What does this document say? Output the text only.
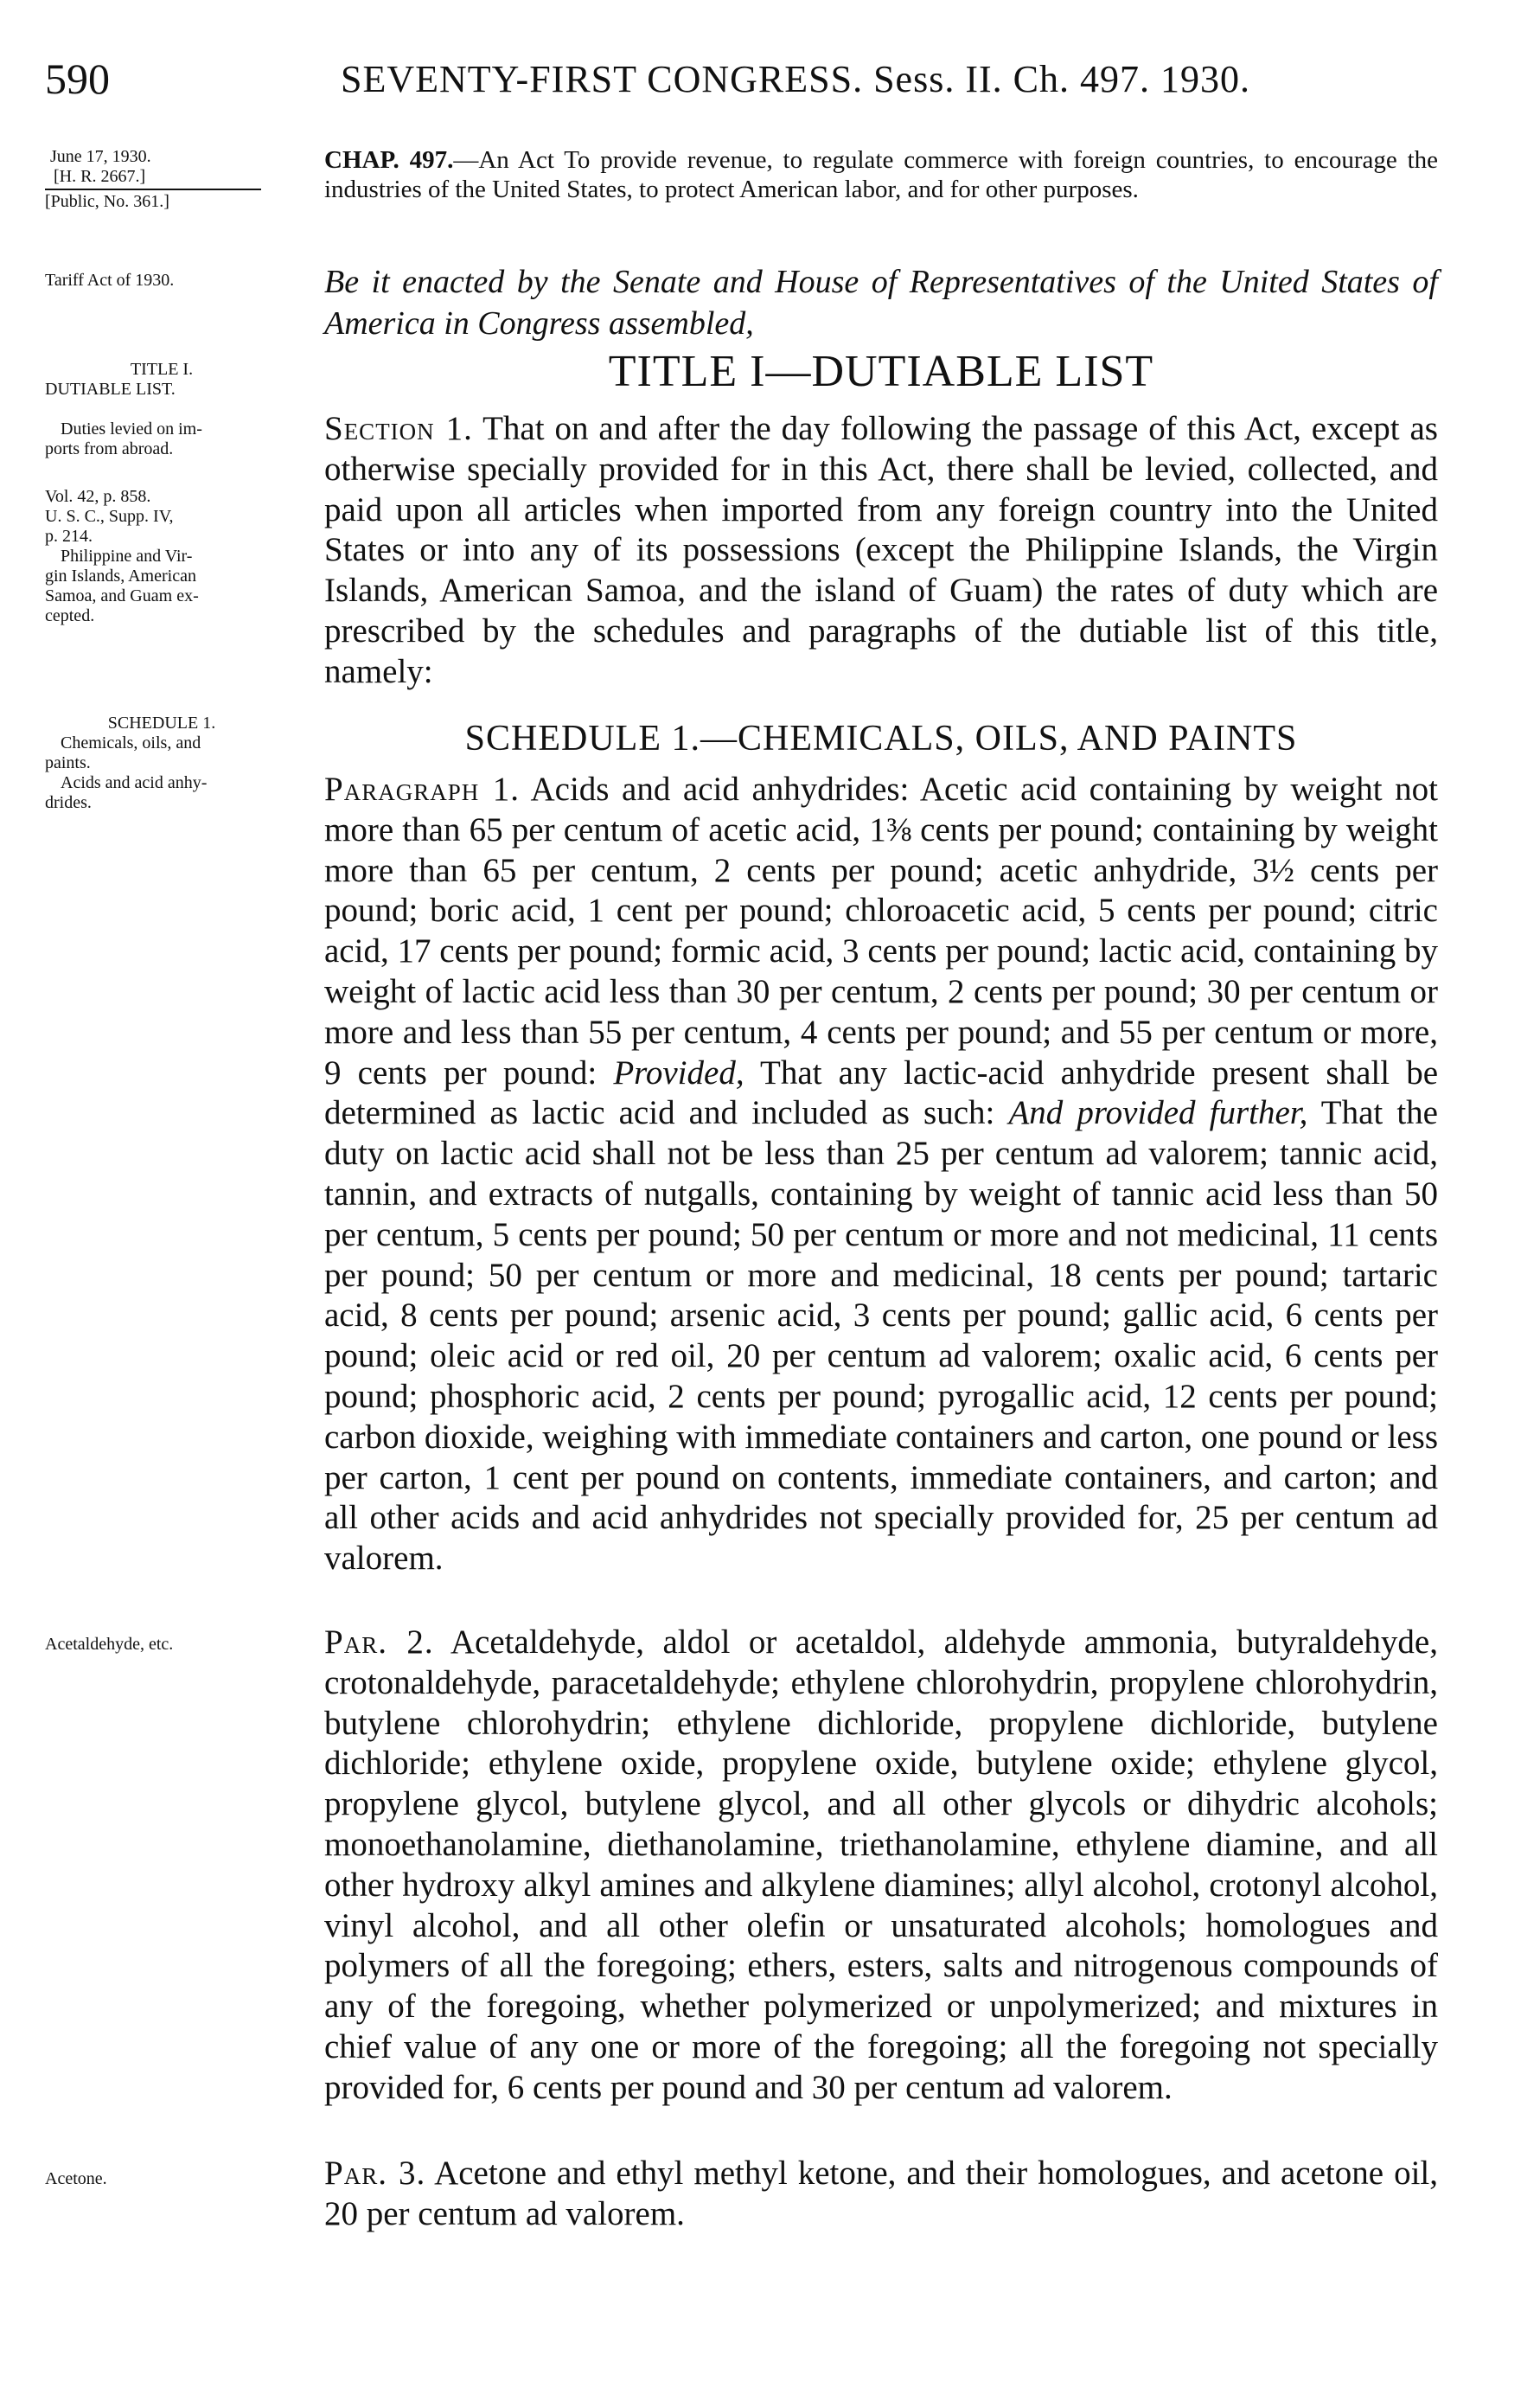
590	SEVENTY-FIRST CONGRESS. Sess. II. Ch. 497. 1930.
June 17, 1930.
[H. R. 2667.]
[Public, No. 361.]
Tariff Act of 1930.
TITLE I.
DUTIABLE LIST.
Duties levied on im-
ports from abroad.
Vol. 42, p. 858.
U. S. C., Supp. IV,
p. 214.
Philippine and Vir-
gin Islands, American
Samoa, and Guam ex-
cepted.
SCHEDULE 1.
Chemicals, oils, and
paints.
Acids and acid anhy-
drides.
Acetaldehyde, etc.
Acetone.

CHAP. 497.—An Act To provide revenue, to regulate commerce with foreign countries, to encourage the industries of the United States, to protect American labor, and for other purposes.

Be it enacted by the Senate and House of Representatives of the United States of America in Congress assembled,

TITLE I—DUTIABLE LIST

Section 1. That on and after the day following the passage of this Act, except as otherwise specially provided for in this Act, there shall be levied, collected, and paid upon all articles when imported from any foreign country into the United States or into any of its possessions (except the Philippine Islands, the Virgin Islands, American Samoa, and the island of Guam) the rates of duty which are prescribed by the schedules and paragraphs of the dutiable list of this title, namely:

SCHEDULE 1.—CHEMICALS, OILS, AND PAINTS

Paragraph 1. Acids and acid anhydrides: Acetic acid containing by weight not more than 65 per centum of acetic acid, 1⅜ cents per pound; containing by weight more than 65 per centum, 2 cents per pound; acetic anhydride, 3½ cents per pound; boric acid, 1 cent per pound; chloroacetic acid, 5 cents per pound; citric acid, 17 cents per pound; formic acid, 3 cents per pound; lactic acid, containing by weight of lactic acid less than 30 per centum, 2 cents per pound; 30 per centum or more and less than 55 per centum, 4 cents per pound; and 55 per centum or more, 9 cents per pound: Provided, That any lactic-acid anhydride present shall be determined as lactic acid and included as such: And provided further, That the duty on lactic acid shall not be less than 25 per centum ad valorem; tannic acid, tannin, and extracts of nutgalls, containing by weight of tannic acid less than 50 per centum, 5 cents per pound; 50 per centum or more and not medicinal, 11 cents per pound; 50 per centum or more and medicinal, 18 cents per pound; tartaric acid, 8 cents per pound; arsenic acid, 3 cents per pound; gallic acid, 6 cents per pound; oleic acid or red oil, 20 per centum ad valorem; oxalic acid, 6 cents per pound; phosphoric acid, 2 cents per pound; pyrogallic acid, 12 cents per pound; carbon dioxide, weighing with immediate containers and carton, one pound or less per carton, 1 cent per pound on contents, immediate containers, and carton; and all other acids and acid anhydrides not specially provided for, 25 per centum ad valorem.

Par. 2. Acetaldehyde, aldol or acetaldol, aldehyde ammonia, butyraldehyde, crotonaldehyde, paracetaldehyde; ethylene chlorohydrin, propylene chlorohydrin, butylene chlorohydrin; ethylene dichloride, propylene dichloride, butylene dichloride; ethylene oxide, propylene oxide, butylene oxide; ethylene glycol, propylene glycol, butylene glycol, and all other glycols or dihydric alcohols; monoethanolamine, diethanolamine, triethanolamine, ethylene diamine, and all other hydroxy alkyl amines and alkylene diamines; allyl alcohol, crotonyl alcohol, vinyl alcohol, and all other olefin or unsaturated alcohols; homologues and polymers of all the foregoing; ethers, esters, salts and nitrogenous compounds of any of the foregoing, whether polymerized or unpolymerized; and mixtures in chief value of any one or more of the foregoing; all the foregoing not specially provided for, 6 cents per pound and 30 per centum ad valorem.

Par. 3. Acetone and ethyl methyl ketone, and their homologues, and acetone oil, 20 per centum ad valorem.
